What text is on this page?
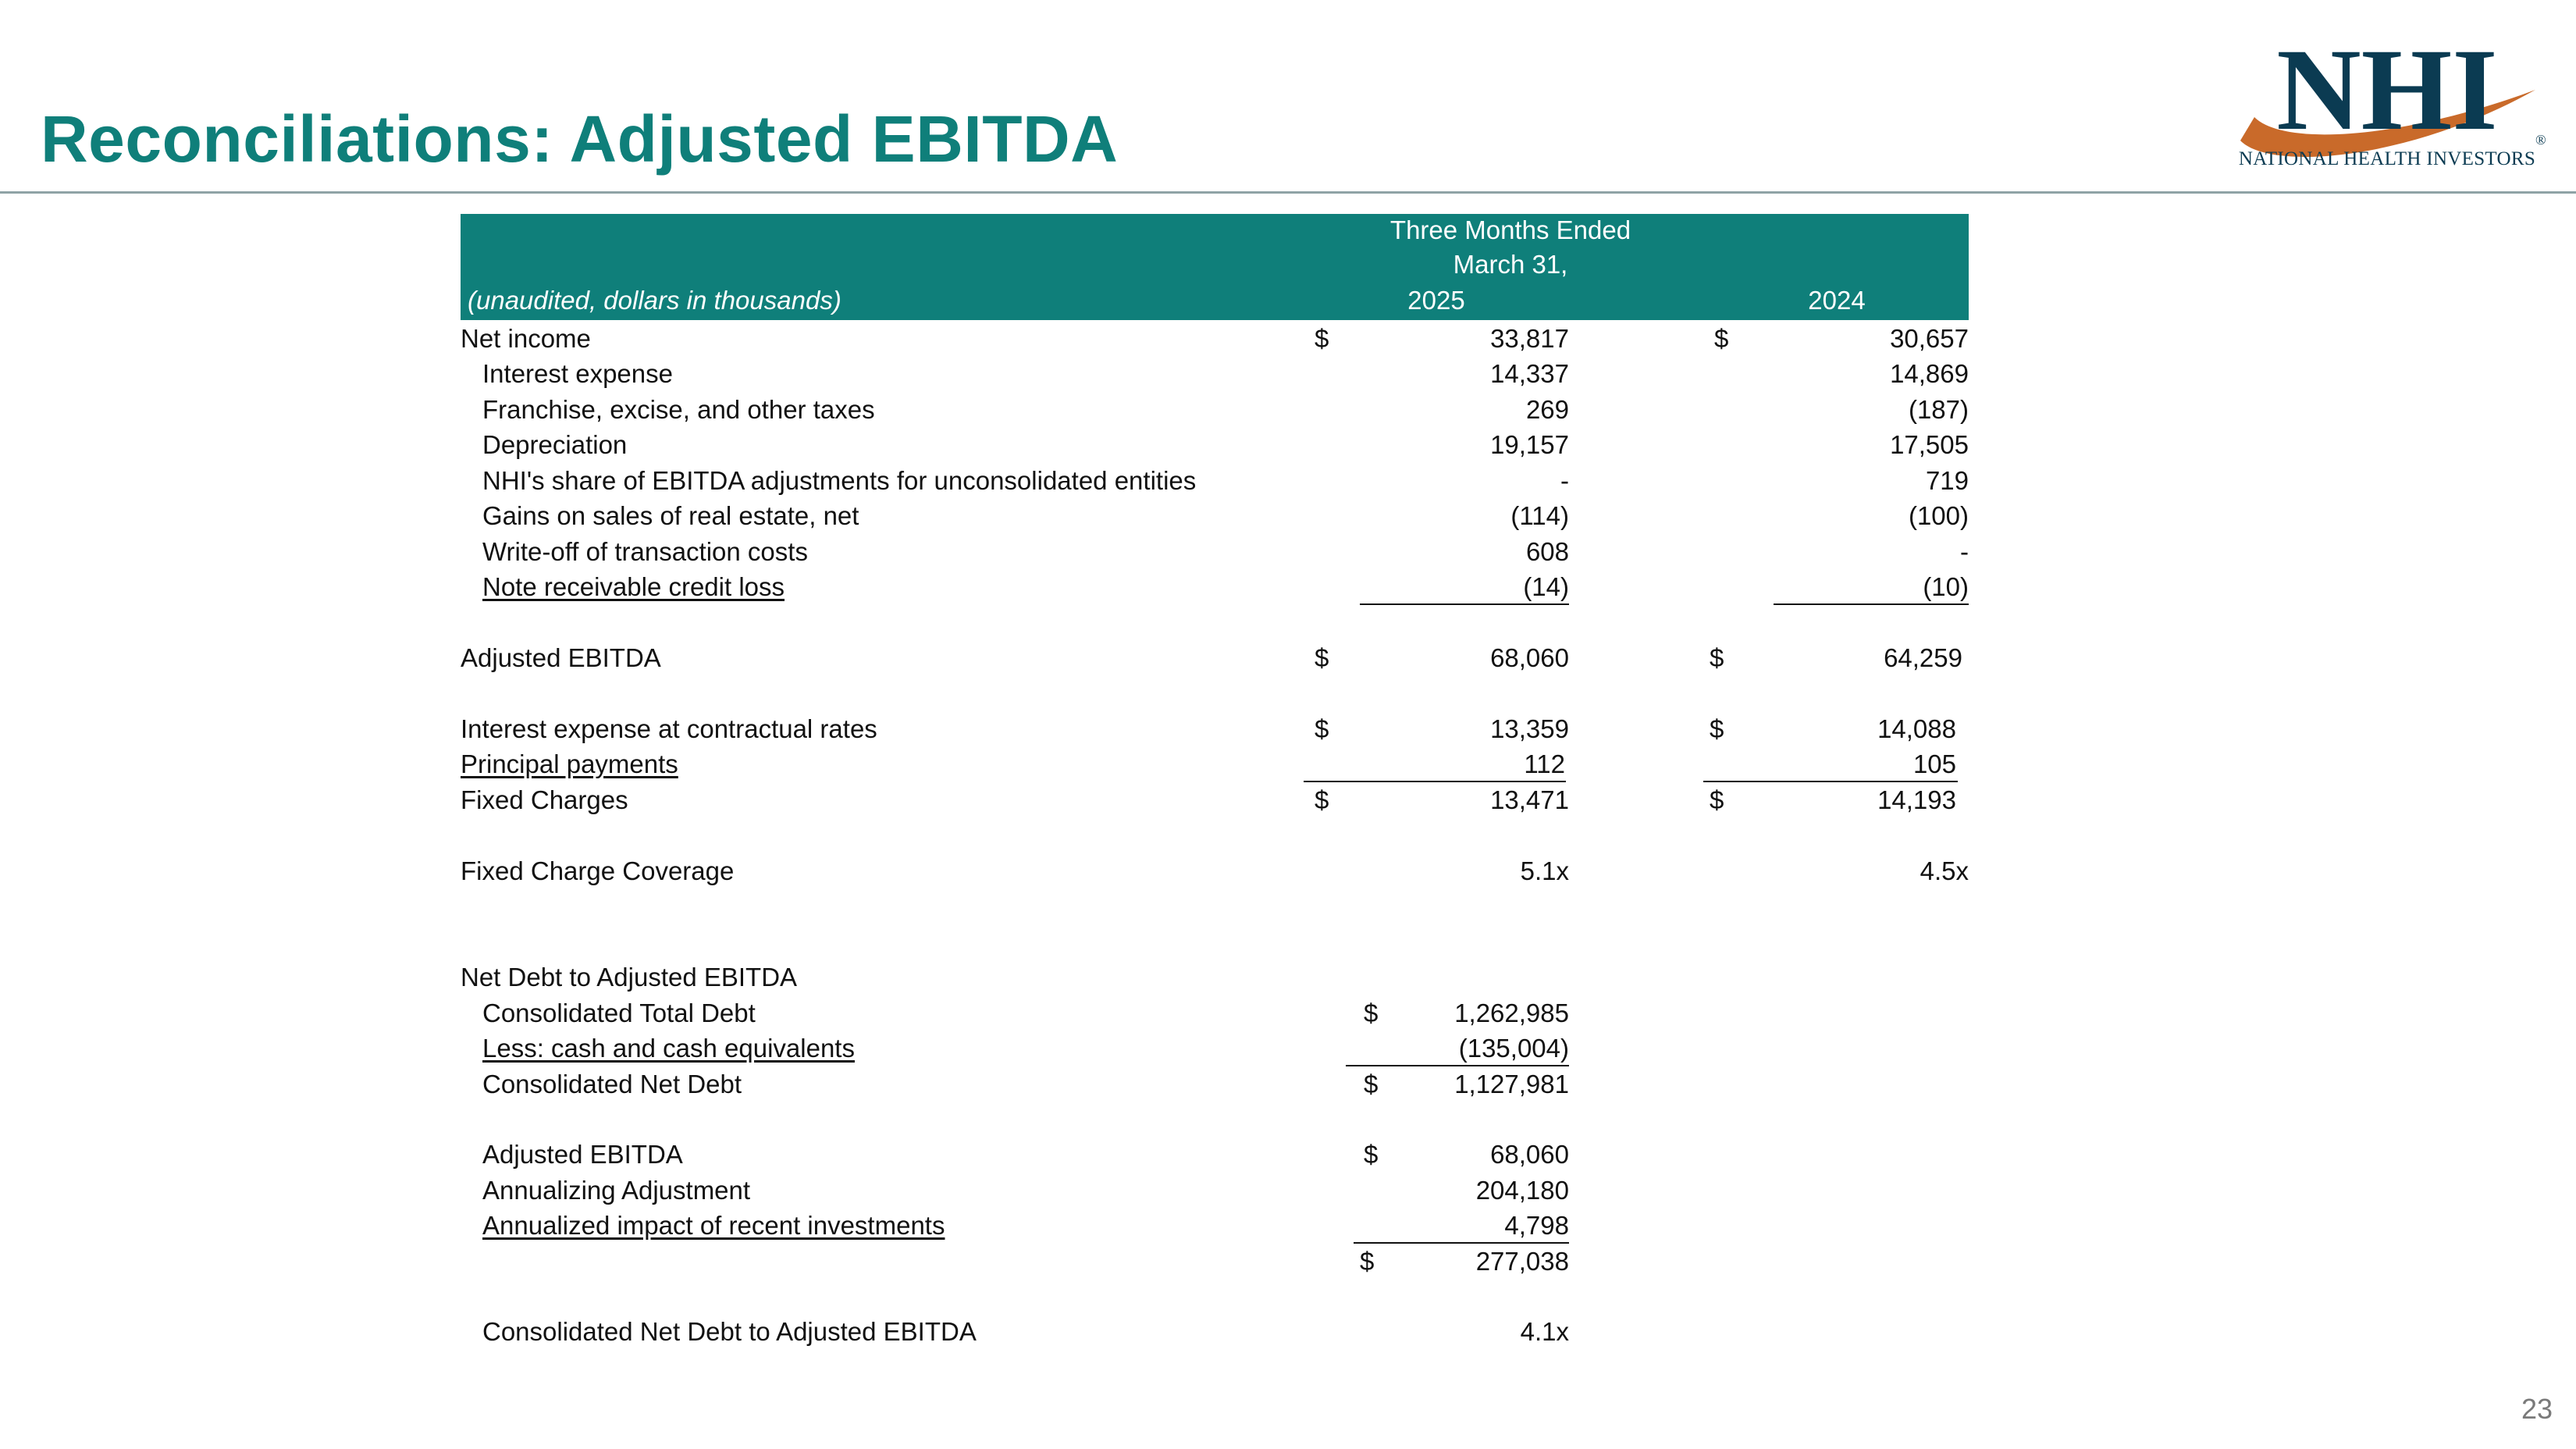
Reconciliations: Adjusted EBITDA	NHI	®
NATIONAL HEALTH INVESTORS
Three Months Ended
March 31,
(unaudited, dollars in thousands)	2025	2024
Net income	$	33,817	$	30,657
Interest expense	14,337	14,869
Franchise, excise, and other taxes	269	(187)
Depreciation	19,157	17,505
NHI's share of EBITDA adjustments for unconsolidated entities	-	719
Gains on sales of real estate, net	(114)	(100)
Write-off of transaction costs	608	-
Note receivable credit loss	(14)	(10)
Adjusted EBITDA	$	68,060	$	64,259
Interest expense at contractual rates	$	13,359	$	14,088
Principal payments	112	105
Fixed Charges	$	13,471	$	14,193
Fixed Charge Coverage	5.1x	4.5x
Net Debt to Adjusted EBITDA
Consolidated Total Debt	$	1,262,985
Less: cash and cash equivalents	(135,004)
Consolidated Net Debt	$	1,127,981
Adjusted EBITDA	$	68,060
Annualizing Adjustment	204,180
Annualized impact of recent investments	4,798
$	277,038
Consolidated Net Debt to Adjusted EBITDA	4.1x
23
